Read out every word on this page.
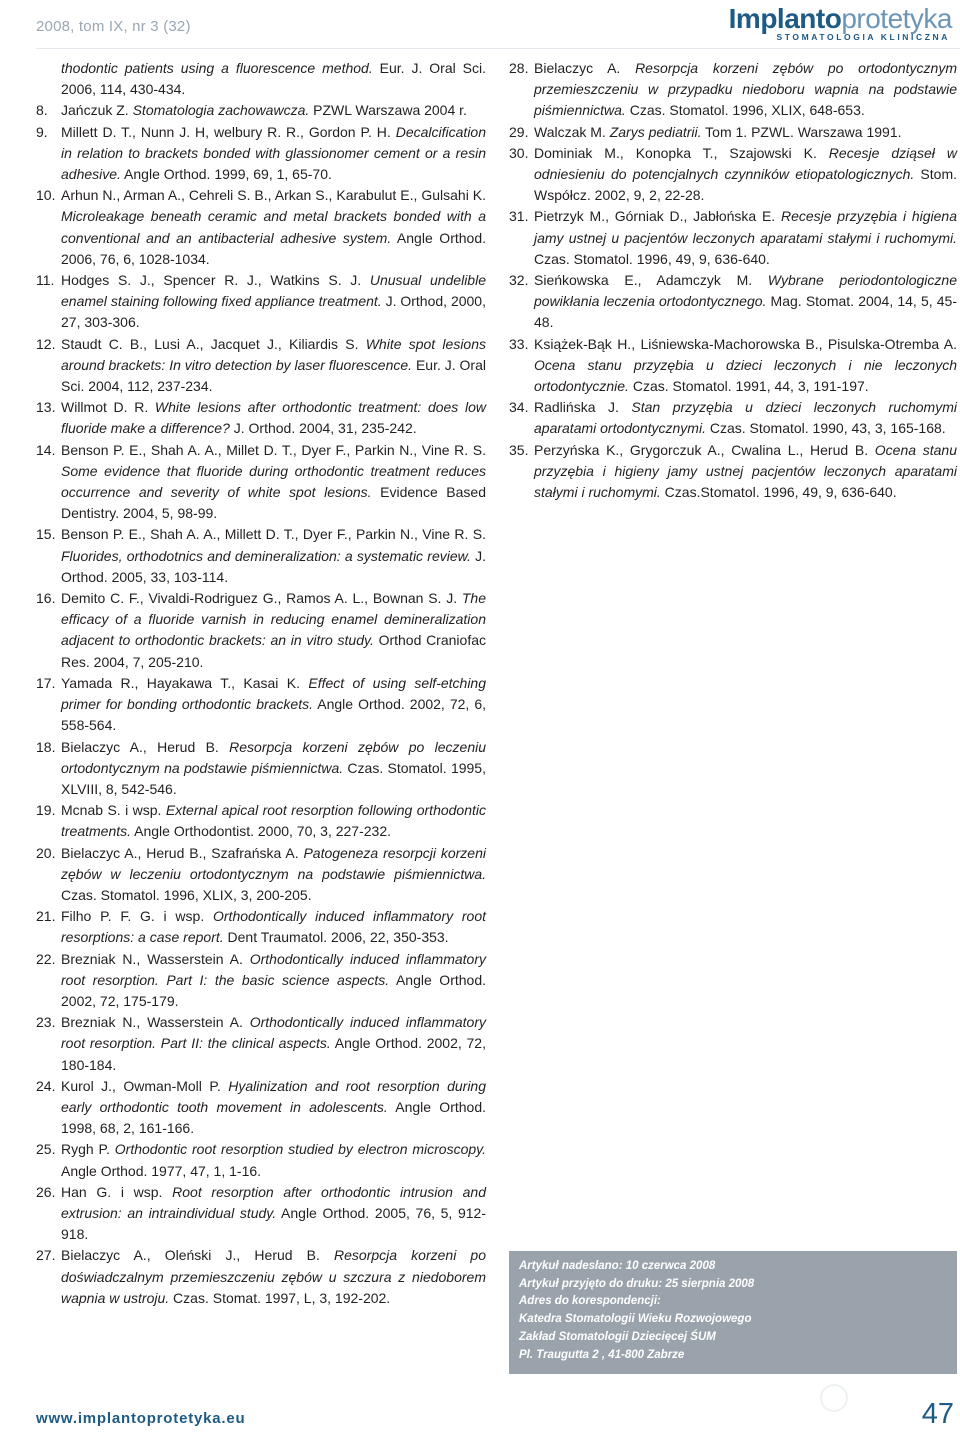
2008, tom IX, nr 3 (32)	Implantoprotetyka
STOMATOLOGIA KLINICZNA
thodontic patients using a fluorescence method. Eur. J. Oral Sci. 2006, 114, 430-434.
8. Jańczuk Z. Stomatologia zachowawcza. PZWL Warszawa 2004 r.
9. Millett D. T., Nunn J. H, welbury R. R., Gordon P. H. Decalcification in relation to brackets bonded with glassionomer cement or a resin adhesive. Angle Orthod. 1999, 69, 1, 65-70.
10. Arhun N., Arman A., Cehreli S. B., Arkan S., Karabulut E., Gulsahi K. Microleakage beneath ceramic and metal brackets bonded with a conventional and an antibacterial adhesive system. Angle Orthod. 2006, 76, 6, 1028-1034.
11. Hodges S. J., Spencer R. J., Watkins S. J. Unusual undelible enamel staining following fixed appliance treatment. J. Orthod, 2000, 27, 303-306.
12. Staudt C. B., Lusi A., Jacquet J., Kiliardis S. White spot lesions around brackets: In vitro detection by laser fluorescence. Eur. J. Oral Sci. 2004, 112, 237-234.
13. Willmot D. R. White lesions after orthodontic treatment: does low fluoride make a difference? J. Orthod. 2004, 31, 235-242.
14. Benson P. E., Shah A. A., Millet D. T., Dyer F., Parkin N., Vine R. S. Some evidence that fluoride during orthodontic treatment reduces occurrence and severity of white spot lesions. Evidence Based Dentistry. 2004, 5, 98-99.
15. Benson P. E., Shah A. A., Millett D. T., Dyer F., Parkin N., Vine R. S. Fluorides, orthodotnics and demineralization: a systematic review. J. Orthod. 2005, 33, 103-114.
16. Demito C. F., Vivaldi-Rodriguez G., Ramos A. L., Bownan S. J. The efficacy of a fluoride varnish in reducing enamel demineralization adjacent to orthodontic brackets: an in vitro study. Orthod Craniofac Res. 2004, 7, 205-210.
17. Yamada R., Hayakawa T., Kasai K. Effect of using self-etching primer for bonding orthodontic brackets. Angle Orthod. 2002, 72, 6, 558-564.
18. Bielaczyc A., Herud B. Resorpcja korzeni zębów po leczeniu ortodontycznym na podstawie piśmiennictwa. Czas. Stomatol. 1995, XLVIII, 8, 542-546.
19. Mcnab S. i wsp. External apical root resorption following orthodontic treatments. Angle Orthodontist. 2000, 70, 3, 227-232.
20. Bielaczyc A., Herud B., Szafrańska A. Patogeneza resorpcji korzeni zębów w leczeniu ortodontycznym na podstawie piśmiennictwa. Czas. Stomatol. 1996, XLIX, 3, 200-205.
21. Filho P. F. G. i wsp. Orthodontically induced inflammatory root resorptions: a case report. Dent Traumatol. 2006, 22, 350-353.
22. Brezniak N., Wasserstein A. Orthodontically induced inflammatory root resorption. Part I: the basic science aspects. Angle Orthod. 2002, 72, 175-179.
23. Brezniak N., Wasserstein A. Orthodontically induced inflammatory root resorption. Part II: the clinical aspects. Angle Orthod. 2002, 72, 180-184.
24. Kurol J., Owman-Moll P. Hyalinization and root resorption during early orthodontic tooth movement in adolescents. Angle Orthod. 1998, 68, 2, 161-166.
25. Rygh P. Orthodontic root resorption studied by electron microscopy. Angle Orthod. 1977, 47, 1, 1-16.
26. Han G. i wsp. Root resorption after orthodontic intrusion and extrusion: an intraindividual study. Angle Orthod. 2005, 76, 5, 912-918.
27. Bielaczyc A., Oleński J., Herud B. Resorpcja korzeni po doświadczalnym przemieszczeniu zębów u szczura z niedoborem wapnia w ustroju. Czas. Stomat. 1997, L, 3, 192-202.
28. Bielaczyc A. Resorpcja korzeni zębów po ortodontycznym przemieszczeniu w przypadku niedoboru wapnia na podstawie piśmiennictwa. Czas. Stomatol. 1996, XLIX, 648-653.
29. Walczak M. Zarys pediatrii. Tom 1. PZWL. Warszawa 1991.
30. Dominiak M., Konopka T., Szajowski K. Recesje dziąseł w odniesieniu do potencjalnych czynników etiopatologicznych. Stom. Współcz. 2002, 9, 2, 22-28.
31. Pietrzyk M., Górniak D., Jabłońska E. Recesje przyzębia i higiena jamy ustnej u pacjentów leczonych aparatami stałymi i ruchomymi. Czas. Stomatol. 1996, 49, 9, 636-640.
32. Sieńkowska E., Adamczyk M. Wybrane periodontologiczne powikłania leczenia ortodontycznego. Mag. Stomat. 2004, 14, 5, 45-48.
33. Książek-Bąk H., Liśniewska-Machorowska B., Pisulska-Otremba A. Ocena stanu przyzębia u dzieci leczonych i nie leczonych ortodontycznie. Czas. Stomatol. 1991, 44, 3, 191-197.
34. Radlińska J. Stan przyzębia u dzieci leczonych ruchomymi aparatami ortodontycznymi. Czas. Stomatol. 1990, 43, 3, 165-168.
35. Perzyńska K., Grygorczuk A., Cwalina L., Herud B. Ocena stanu przyzębia i higieny jamy ustnej pacjentów leczonych aparatami stałymi i ruchomymi. Czas.Stomatol. 1996, 49, 9, 636-640.
Artykuł nadesłano: 10 czerwca 2008
Artykuł przyjęto do druku: 25 sierpnia 2008
Adres do korespondencji:
Katedra Stomatologii Wieku Rozwojowego
Zakład Stomatologii Dziecięcej ŚUM
Pl. Traugutta 2 , 41-800 Zabrze
www.implantoprotetyka.eu	47
